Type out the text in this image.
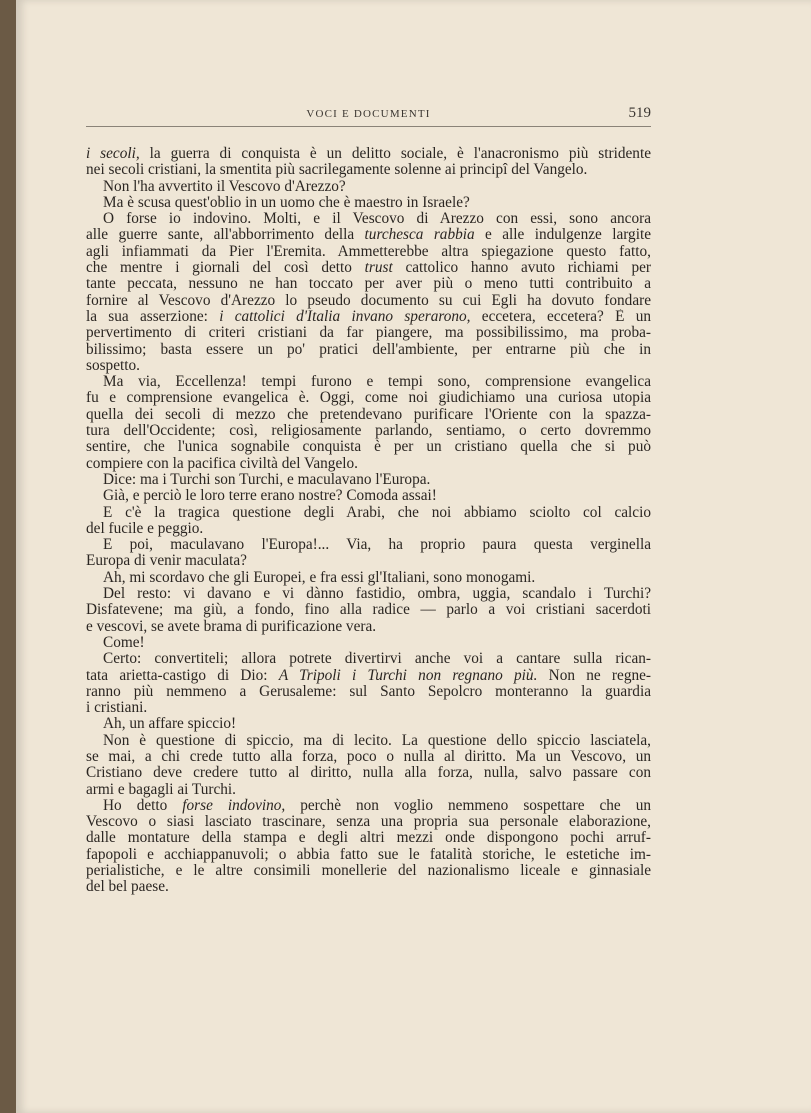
VOCI E DOCUMENTI	519
i secoli, la guerra di conquista è un delitto sociale, è l'anacronismo più stridente
nei secoli cristiani, la smentita più sacrilegamente solenne ai principî del Vangelo.
Non l'ha avvertito il Vescovo d'Arezzo?
Ma è scusa quest'oblio in un uomo che è maestro in Israele?
O forse io indovino. Molti, e il Vescovo di Arezzo con essi, sono ancora
alle guerre sante, all'abborrimento della turchesca rabbia e alle indulgenze largite
agli infiammati da Pier l'Eremita. Ammetterebbe altra spiegazione questo fatto,
che mentre i giornali del così detto trust cattolico hanno avuto richiami per
tante peccata, nessuno ne han toccato per aver più o meno tutti contribuito a
fornire al Vescovo d'Arezzo lo pseudo documento su cui Egli ha dovuto fondare
la sua asserzione: i cattolici d'Italia invano sperarono, eccetera, eccetera? È un
pervertimento di criteri cristiani da far piangere, ma possibilissimo, ma proba-
bilissimo; basta essere un po' pratici dell'ambiente, per entrarne più che in
sospetto.
Ma via, Eccellenza! tempi furono e tempi sono, comprensione evangelica
fu e comprensione evangelica è. Oggi, come noi giudichiamo una curiosa utopia
quella dei secoli di mezzo che pretendevano purificare l'Oriente con la spazza-
tura dell'Occidente; così, religiosamente parlando, sentiamo, o certo dovremmo
sentire, che l'unica sognabile conquista è per un cristiano quella che si può
compiere con la pacifica civiltà del Vangelo.
Dice: ma i Turchi son Turchi, e maculavano l'Europa.
Già, e perciò le loro terre erano nostre? Comoda assai!
E c'è la tragica questione degli Arabi, che noi abbiamo sciolto col calcio
del fucile e peggio.
E poi, maculavano l'Europa!... Via, ha proprio paura questa verginella
Europa di venir maculata?
Ah, mi scordavo che gli Europei, e fra essi gl'Italiani, sono monogami.
Del resto: vi davano e vi dànno fastidio, ombra, uggia, scandalo i Turchi?
Disfatevene; ma giù, a fondo, fino alla radice — parlo a voi cristiani sacerdoti
e vescovi, se avete brama di purificazione vera.
Come!
Certo: convertiteli; allora potrete divertirvi anche voi a cantare sulla rican-
tata arietta-castigo di Dio: A Tripoli i Turchi non regnano più. Non ne regne-
ranno più nemmeno a Gerusaleme: sul Santo Sepolcro monteranno la guardia
i cristiani.
Ah, un affare spiccio!
Non è questione di spiccio, ma di lecito. La questione dello spiccio lasciatela,
se mai, a chi crede tutto alla forza, poco o nulla al diritto. Ma un Vescovo, un
Cristiano deve credere tutto al diritto, nulla alla forza, nulla, salvo passare con
armi e bagagli ai Turchi.
Ho detto forse indovino, perchè non voglio nemmeno sospettare che un
Vescovo o siasi lasciato trascinare, senza una propria sua personale elaborazione,
dalle montature della stampa e degli altri mezzi onde dispongono pochi arruf-
fapopoli e acchiappanuvoli; o abbia fatto sue le fatalità storiche, le estetiche im-
perialistiche, e le altre consimili monellerie del nazionalismo liceale e ginnasiale
del bel paese.
